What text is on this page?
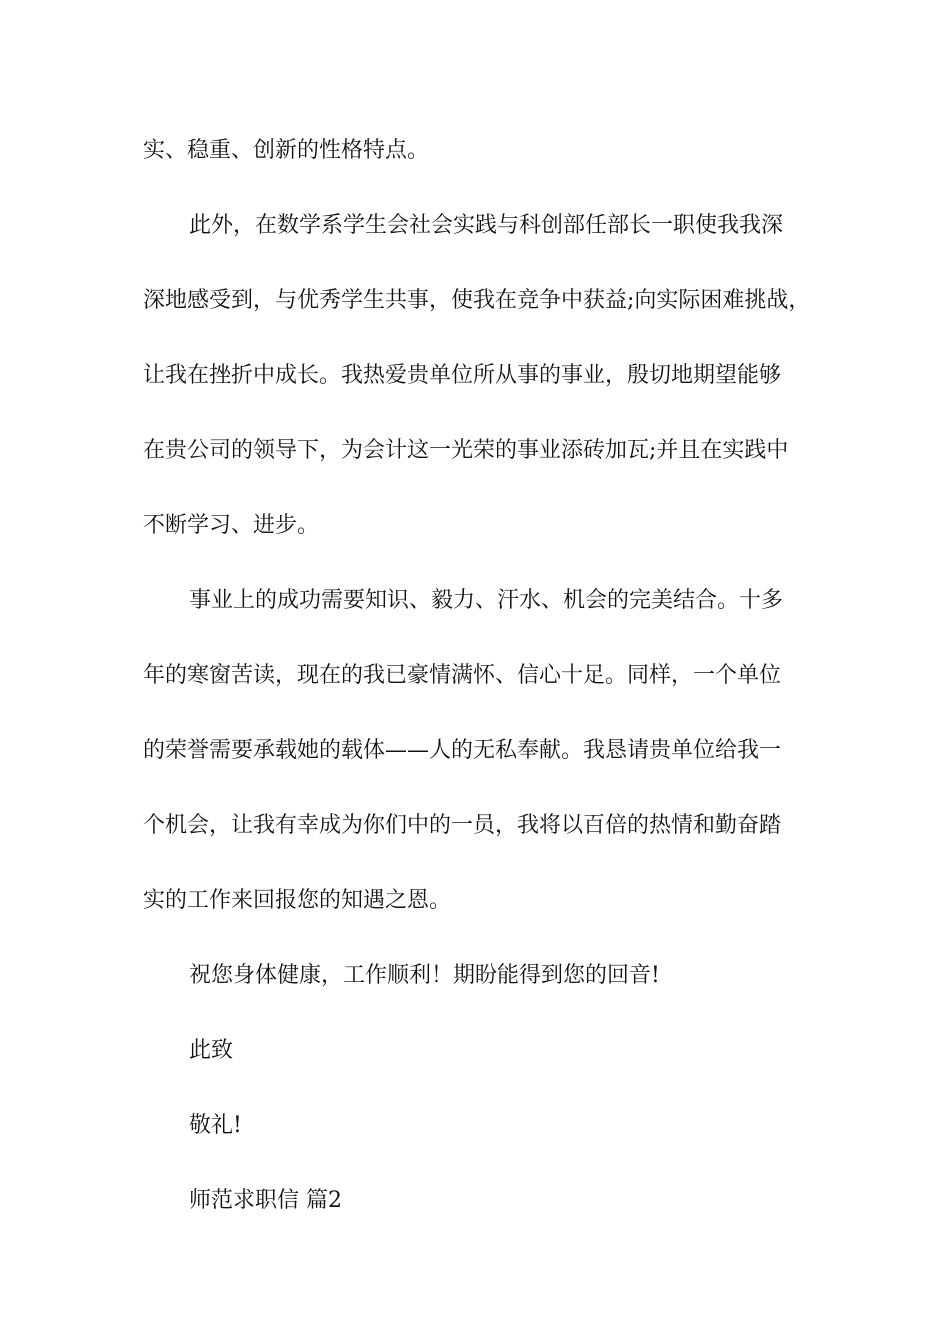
实、稳重、创新的性格特点。
此外，在数学系学生会社会实践与科创部任部长一职使我我深
深地感受到，与优秀学生共事，使我在竞争中获益;向实际困难挑战，
让我在挫折中成长。我热爱贵单位所从事的事业，殷切地期望能够
在贵公司的领导下，为会计这一光荣的事业添砖加瓦;并且在实践中
不断学习、进步。
事业上的成功需要知识、毅力、汗水、机会的完美结合。十多
年的寒窗苦读，现在的我已豪情满怀、信心十足。同样，一个单位
的荣誉需要承载她的载体——人的无私奉献。我恳请贵单位给我一
个机会，让我有幸成为你们中的一员，我将以百倍的热情和勤奋踏
实的工作来回报您的知遇之恩。
祝您身体健康，工作顺利！期盼能得到您的回音!
此致
敬礼!
师范求职信 篇2
